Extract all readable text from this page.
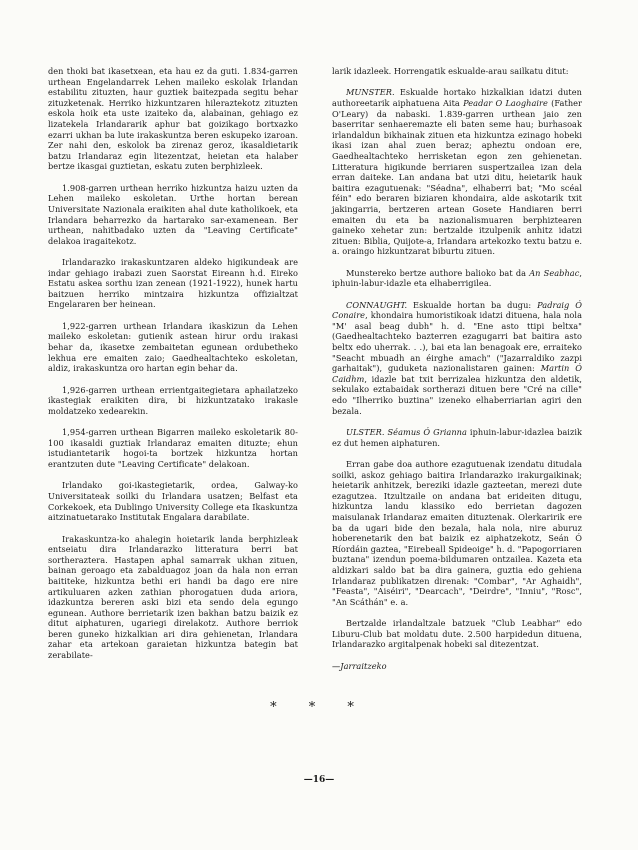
den thoki bat ikasetxean, eta hau ez da guti. 1.834-garren urthean Engelandarrek Lehen maileko eskolak Irlandan estabilitu zituzten, haur guztiek baitezpada segitu behar zituzketenak. Herriko hizkuntzaren hileraztekotz zituzten eskola hoik eta uste izaiteko da, alabainan, gehiago ez lizatekela Irlandararik aphur bat goizikago bortxazko ezarri ukhan ba lute irakaskuntza beren eskupeko izaroan. Zer nahi den, eskolok ba zirenaz geroz, ikasaldietarik batzu Irlandaraz egin litezentzat, heietan eta halaber bertze ikasgai guztietan, eskatu zuten berphizleek.

1.908-garren urthean herriko hizkuntza haizu uzten da Lehen maileko eskoletan. Urthe hortan berean Universitate Nazionala eraikiten ahal dute katholikoek, eta Irlandara beharrezko da hartarako sar-examenean. Ber urthean, nahitbadako uzten da "Leaving Certificate" delakoa iragaitekotz.

Irlandarazko irakaskuntzaren aldeko higikundeak are indar gehiago irabazi zuen Saorstat Eireann h.d. Eireko Estatu askea sorthu izan zenean (1921-1922), hunek hartu baitzuen herriko mintzaira hizkuntza offizialtzat Engelararen ber heinean.

1,922-garren urthean Irlandara ikaskizun da Lehen maileko eskoletan: gutienik astean hirur ordu irakasi behar da, ikasetxe zembaitetan egunean ordubetheko lekhua ere emaiten zaio; Gaedhealtachteko eskoletan, aldiz, irakaskuntza oro hartan egin behar da.

1,926-garren urthean errientgaitegietara aphailatzeko ikastegiak eraikiten dira, bi hizkuntzatako irakasle moldatzeko xedearekin.

1,954-garren urthean Bigarren maileko eskoletarik 80-100 ikasaldi guztiak Irlandaraz emaiten dituzte; ehun istudiantetarik hogoi-ta bortzek hizkuntza hortan erantzuten dute "Leaving Certificate" delakoan.

Irlandako goi-ikastegietarik, ordea, Galway-ko Universitateak soilki du Irlandara usatzen; Belfast eta Corkekoek, eta Dublingo University College eta Ikaskuntza aitzinatuetarako Institutak Engalara darabilate.

Irakaskuntza-ko ahalegin hoietarik landa berphizleak entseiatu dira Irlandarazko litteratura berri bat sortheraztera. Hastapen aphal samarrak ukhan zituen, bainan geroago eta zabalduagoz joan da hala non erran baititeke, hizkuntza bethi eri handi ba dago ere nire artikuluaren azken zathian phorogatuen duda ariora, idazkuntza bereren aski bizi eta sendo dela egungo egunean. Authore berrietarik izen bakhan batzu baizik ez ditut aiphaturen, ugariegi direlakotz. Authore berriok beren guneko hizkalkian ari dira gehienetan, Irlandara zahar eta artekoan garaietan hizkuntza bategin bat zerabilate-

larik idazleek. Horrengatik eskualde-arau sailkatu ditut:

MUNSTER. Eskualde hortako hizkalkian idatzi duten authoreetarik aiphatuena Aita Peadar O Laoghaire (Father O'Leary) da nabaski. 1.839-garren urthean jaio zen baserritar senhaeremazte eli baten seme hau; burhasoak irlandaldun bikhainak zituen eta hizkuntza ezinago hobeki ikasi izan ahal zuen beraz; apheztu ondoan ere, Gaedhealtachteko herrisketan egon zen gehienetan. Litteratura higikunde berriaren suspertzailea izan dela erran daiteke. Lan andana bat utzi ditu, heietarik hauk baitira ezagutuenak: "Séadna", elhaberri bat; "Mo scéal féin" edo beraren biziaren khondaira, alde askotarik txit jakingarria, bertzeren artean Gosete Handiaren berri emaiten du eta ba nazionalismuaren berphiztearen gaineko xehetar zun: bertzalde itzulpenik anhitz idatzi zituen: Biblia, Quijote-a, Irlandara artekozko textu batzu e. a. oraingo hizkuntzarat biburtu zituen.

Munstereko bertze authore balioko bat da An Seabhac, iphuin-labur-idazle eta elhaberrigilea.

CONNAUGHT. Eskualde hortan ba dugu: Padraig Ó Conaire, khondaira humoristikoak idatzi dituena, hala nola "M' asal beag dubh" h. d. "Ene asto ttipi beltxa" (Gaedhealtachteko bazterren ezagugarri bat baitira asto beltx edo uherrak. . .), bai eta lan benagoak ere, erraiteko "Seacht mbuadh an éirghe amach" ("Jazarraldiko zazpi garhaitak"), guduketa nazionalistaren gainen: Martin Ó Caidhm, idazle bat txit berrizalea hizkuntza den aldetik, sekulako eztabaidak sortherazi dituen bere "Cré na cille" edo "Ilherriko buztina" izeneko elhaberriarian agiri den bezala.

ULSTER. Séamus Ó Grianna iphuin-labur-idazlea baizik ez dut hemen aiphaturen.

Erran gabe doa authore ezagutuenak izendatu ditudala soilki, askoz gehiago baitira Irlandarazko irakurgaikinak; heietarik anhitzek, bereziki idazle gazteetan, merezi dute ezagutzea. Itzultzaile on andana bat erideiten ditugu, hizkuntza landu klassiko edo berrietan dagozen maisulanak Irlandaraz emaiten dituztenak. Olerkaririk ere ba da ugari bide den bezala, hala nola, nire aburuz hoberenetarik den bat baizik ez aiphatzekotz, Seán Ó Ríordáin gaztea, "Eirebeall Spideoige" h. d. "Papogorriaren buztana" izendun poema-bildumaren ontzailea. Kazeta eta aldizkari saldo bat ba dira gainera, guztia edo gehiena Irlandaraz publikatzen direnak: "Combar", "Ar Aghaidh", "Feasta", "Aiséiri", "Dearcach", "Deirdre", "Inniu", "Rosc", "An Scáthán" e. a.

Bertzalde irlandaltzale batzuek "Club Leabhar" edo Liburu-Club bat moldatu dute. 2.500 harpidedun dituena, Irlandarazko argitalpenak hobeki sal ditezentzat.

—Jarraitzeko

* * *
—16—
